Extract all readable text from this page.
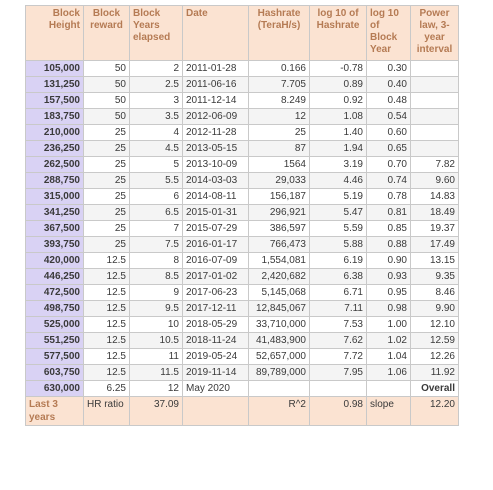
Block Height	Block reward	Block Years elapsed	Date	Hashrate (TeraH/s)	log 10 of Hashrate	log 10 of Block Year	Power law, 3-year interval
105,000	50	2	2011-01-28	0.166	-0.78	0.30	
131,250	50	2.5	2011-06-16	7.705	0.89	0.40	
157,500	50	3	2011-12-14	8.249	0.92	0.48	
183,750	50	3.5	2012-06-09	12	1.08	0.54	
210,000	25	4	2012-11-28	25	1.40	0.60	
236,250	25	4.5	2013-05-15	87	1.94	0.65	
262,500	25	5	2013-10-09	1564	3.19	0.70	7.82
288,750	25	5.5	2014-03-03	29,033	4.46	0.74	9.60
315,000	25	6	2014-08-11	156,187	5.19	0.78	14.83
341,250	25	6.5	2015-01-31	296,921	5.47	0.81	18.49
367,500	25	7	2015-07-29	386,597	5.59	0.85	19.37
393,750	25	7.5	2016-01-17	766,473	5.88	0.88	17.49
420,000	12.5	8	2016-07-09	1,554,081	6.19	0.90	13.15
446,250	12.5	8.5	2017-01-02	2,420,682	6.38	0.93	9.35
472,500	12.5	9	2017-06-23	5,145,068	6.71	0.95	8.46
498,750	12.5	9.5	2017-12-11	12,845,067	7.11	0.98	9.90
525,000	12.5	10	2018-05-29	33,710,000	7.53	1.00	12.10
551,250	12.5	10.5	2018-11-24	41,483,900	7.62	1.02	12.59
577,500	12.5	11	2019-05-24	52,657,000	7.72	1.04	12.26
603,750	12.5	11.5	2019-11-14	89,789,000	7.95	1.06	11.92
630,000	6.25	12	May 2020				Overall
Last 3 years	HR ratio	37.09		R^2	0.98	slope	12.20
